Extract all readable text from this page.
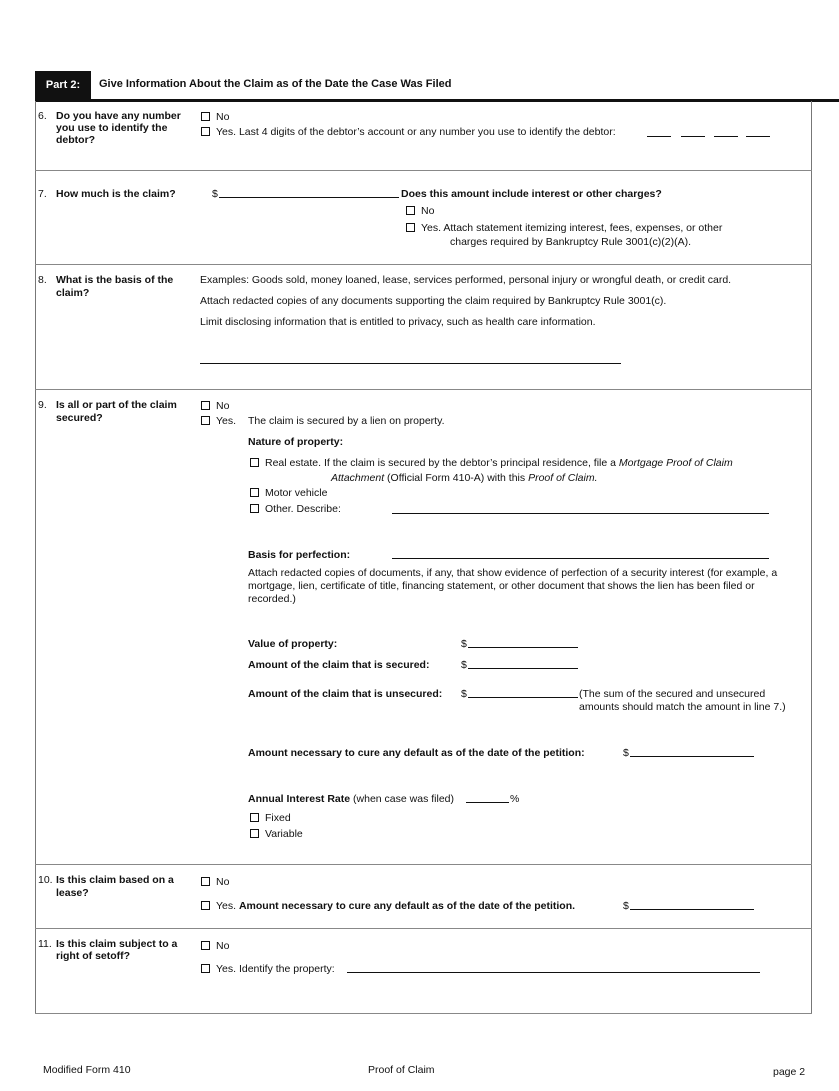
Part 2:	Give Information About the Claim as of the Date the Case Was Filed
6. Do you have any number
you use to identify the
debtor?
No
Yes. Last 4 digits of the debtor’s account or any number you use to identify the debtor:
7. How much is the claim?	$	Does this amount include interest or other charges?
No
Yes. Attach statement itemizing interest, fees, expenses, or other
charges required by Bankruptcy Rule 3001(c)(2)(A).
8. What is the basis of the
claim?
Examples: Goods sold, money loaned, lease, services performed, personal injury or wrongful death, or credit card.
Attach redacted copies of any documents supporting the claim required by Bankruptcy Rule 3001(c).
Limit disclosing information that is entitled to privacy, such as health care information.
9. Is all or part of the claim
secured?
No
Yes. The claim is secured by a lien on property.
Nature of property:
Real estate. If the claim is secured by the debtor’s principal residence, file a Mortgage Proof of Claim
Attachment (Official Form 410-A) with this Proof of Claim.
Motor vehicle
Other. Describe:
Basis for perfection:
Attach redacted copies of documents, if any, that show evidence of perfection of a security interest (for example, a mortgage, lien, certificate of title, financing statement, or other document that shows the lien has been filed or recorded.)
Value of property:	$
Amount of the claim that is secured:	$
Amount of the claim that is unsecured: $	(The sum of the secured and unsecured
amounts should match the amount in line 7.)
Amount necessary to cure any default as of the date of the petition:	$
Annual Interest Rate (when case was filed)	%
Fixed
Variable
10. Is this claim based on a
lease?
No
Yes. Amount necessary to cure any default as of the date of the petition.	$
11. Is this claim subject to a
right of setoff?
No
Yes. Identify the property:
Modified Form 410	Proof of Claim	page 2
